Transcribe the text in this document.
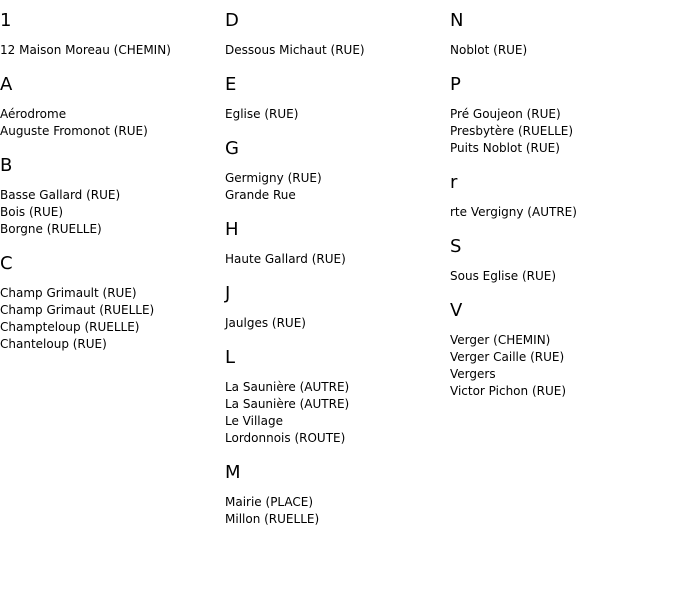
1
12 Maison Moreau (CHEMIN)
A
Aérodrome
Auguste Fromonot (RUE)
B
Basse Gallard (RUE)
Bois (RUE)
Borgne (RUELLE)
C
Champ Grimault (RUE)
Champ Grimaut (RUELLE)
Champteloup (RUELLE)
Chanteloup (RUE)
D
Dessous Michaut (RUE)
E
Eglise (RUE)
G
Germigny (RUE)
Grande Rue
H
Haute Gallard (RUE)
J
Jaulges (RUE)
L
La Saunière (AUTRE)
La Saunière (AUTRE)
Le Village
Lordonnois (ROUTE)
M
Mairie (PLACE)
Millon (RUELLE)
N
Noblot (RUE)
P
Pré Goujeon (RUE)
Presbytère (RUELLE)
Puits Noblot (RUE)
r
rte Vergigny (AUTRE)
S
Sous Eglise (RUE)
V
Verger (CHEMIN)
Verger Caille (RUE)
Vergers
Victor Pichon (RUE)
